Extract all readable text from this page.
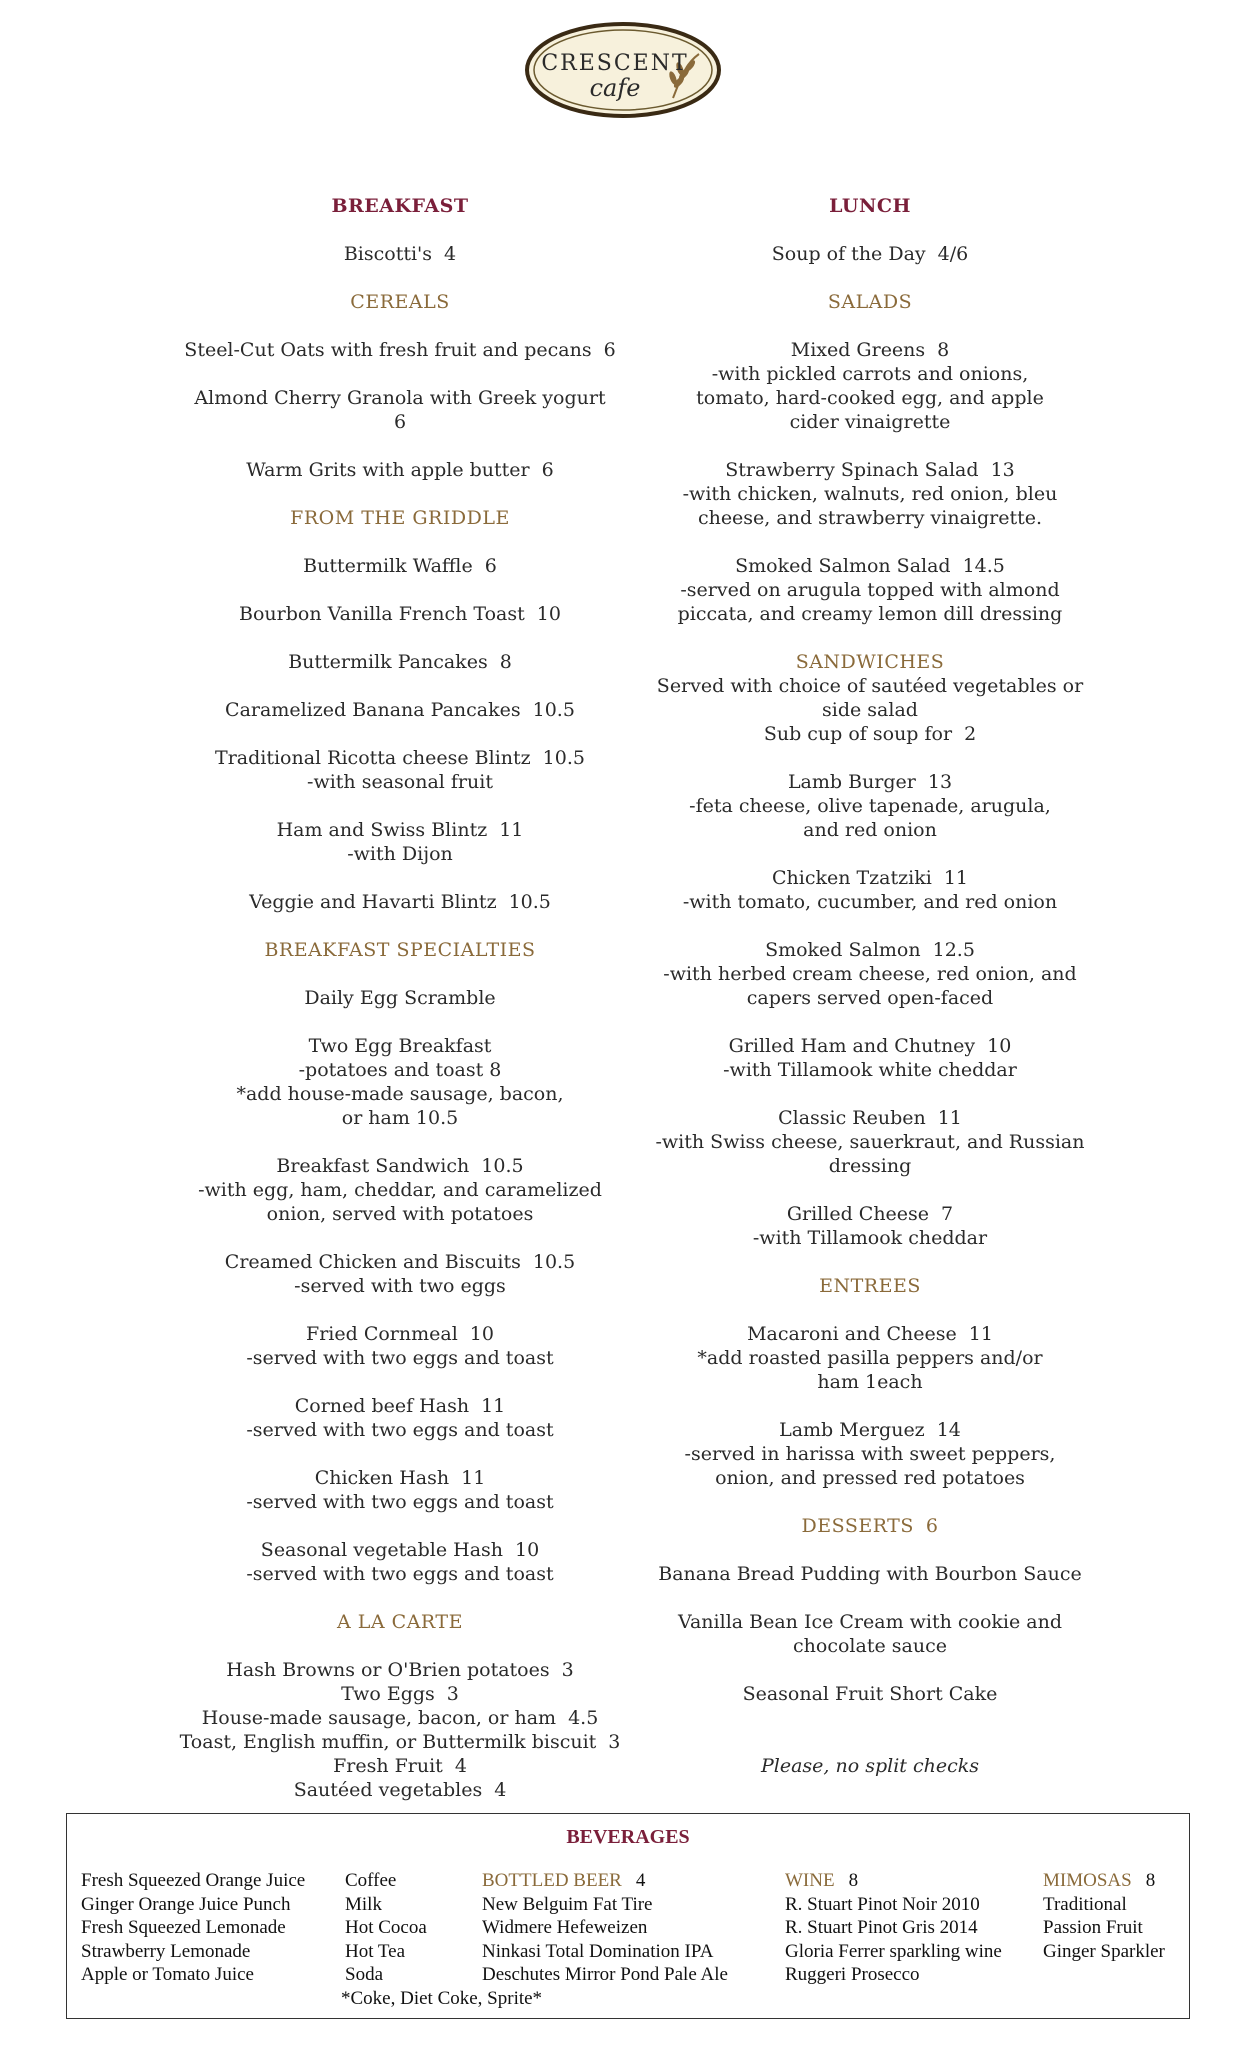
CRESCENT
cafe
BREAKFAST
Biscotti's 4
CEREALS
Steel-Cut Oats with fresh fruit and pecans 6
Almond Cherry Granola with Greek yogurt
6
Warm Grits with apple butter 6
FROM THE GRIDDLE
Buttermilk Waffle 6
Bourbon Vanilla French Toast 10
Buttermilk Pancakes 8
Caramelized Banana Pancakes 10.5
Traditional Ricotta cheese Blintz 10.5
-with seasonal fruit
Ham and Swiss Blintz 11
-with Dijon
Veggie and Havarti Blintz 10.5
BREAKFAST SPECIALTIES
Daily Egg Scramble
Two Egg Breakfast
-potatoes and toast 8
*add house-made sausage, bacon,
or ham 10.5
Breakfast Sandwich 10.5
-with egg, ham, cheddar, and caramelized
onion, served with potatoes
Creamed Chicken and Biscuits 10.5
-served with two eggs
Fried Cornmeal 10
-served with two eggs and toast
Corned beef Hash 11
-served with two eggs and toast
Chicken Hash 11
-served with two eggs and toast
Seasonal vegetable Hash 10
-served with two eggs and toast
A LA CARTE
Hash Browns or O'Brien potatoes 3
Two Eggs 3
House-made sausage, bacon, or ham 4.5
Toast, English muffin, or Buttermilk biscuit 3
Fresh Fruit 4
Sautéed vegetables 4
LUNCH
Soup of the Day 4/6
SALADS
Mixed Greens 8
-with pickled carrots and onions,
tomato, hard-cooked egg, and apple
cider vinaigrette
Strawberry Spinach Salad 13
-with chicken, walnuts, red onion, bleu
cheese, and strawberry vinaigrette.
Smoked Salmon Salad 14.5
-served on arugula topped with almond
piccata, and creamy lemon dill dressing
SANDWICHES
Served with choice of sautéed vegetables or
side salad
Sub cup of soup for 2
Lamb Burger 13
-feta cheese, olive tapenade, arugula,
and red onion
Chicken Tzatziki 11
-with tomato, cucumber, and red onion
Smoked Salmon 12.5
-with herbed cream cheese, red onion, and
capers served open-faced
Grilled Ham and Chutney 10
-with Tillamook white cheddar
Classic Reuben 11
-with Swiss cheese, sauerkraut, and Russian
dressing
Grilled Cheese 7
-with Tillamook cheddar
ENTREES
Macaroni and Cheese 11
*add roasted pasilla peppers and/or
ham 1each
Lamb Merguez 14
-served in harissa with sweet peppers,
onion, and pressed red potatoes
DESSERTS 6
Banana Bread Pudding with Bourbon Sauce
Vanilla Bean Ice Cream with cookie and
chocolate sauce
Seasonal Fruit Short Cake
Please, no split checks
BEVERAGES
Fresh Squeezed Orange Juice
Ginger Orange Juice Punch
Fresh Squeezed Lemonade
Strawberry Lemonade
Apple or Tomato Juice
Coffee
Milk
Hot Cocoa
Hot Tea
Soda
*Coke, Diet Coke, Sprite*
BOTTLED BEER 4
New Belguim Fat Tire
Widmere Hefeweizen
Ninkasi Total Domination IPA
Deschutes Mirror Pond Pale Ale
WINE 8
R. Stuart Pinot Noir 2010
R. Stuart Pinot Gris 2014
Gloria Ferrer sparkling wine
Ruggeri Prosecco
MIMOSAS 8
Traditional
Passion Fruit
Ginger Sparkler
